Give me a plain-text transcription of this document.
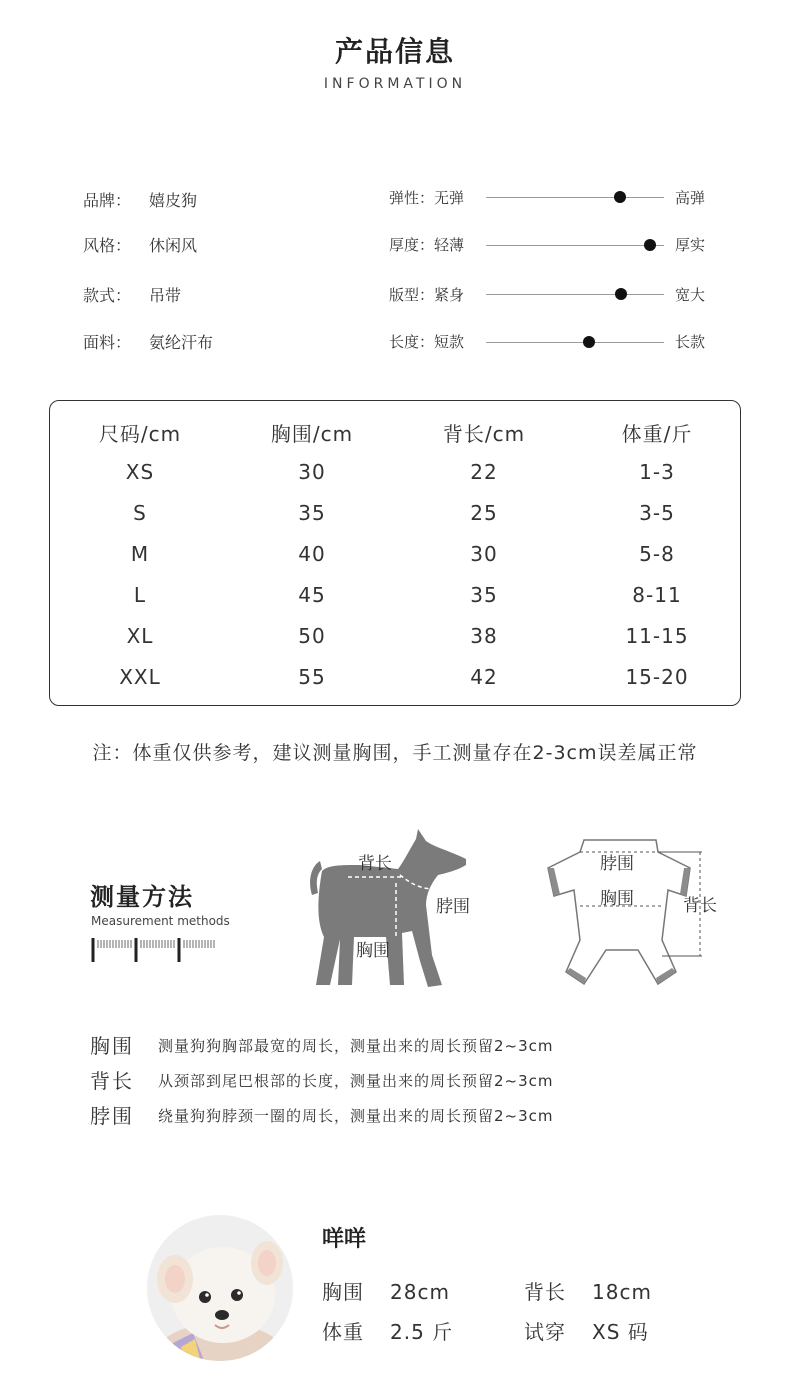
产品信息
INFORMATION
品牌： 嬉皮狗
风格： 休闲风
款式： 吊带
面料： 氨纶汗布
弹性：无弹	高弹
厚度：轻薄	厚实
版型：紧身	宽大
长度：短款	长款
尺码/cm	胸围/cm	背长/cm	体重/斤
XS	30	22	1-3
S	35	25	3-5
M	40	30	5-8
L	45	35	8-11
XL	50	38	11-15
XXL	55	42	15-20
注：体重仅供参考，建议测量胸围，手工测量存在2-3cm误差属正常
测量方法
Measurement methods
背长
脖围
胸围
脖围
胸围	背长
胸围 测量狗狗胸部最宽的周长，测量出来的周长预留2~3cm
背长 从颈部到尾巴根部的长度，测量出来的周长预留2~3cm
脖围 绕量狗狗脖颈一圈的周长，测量出来的周长预留2~3cm
咩咩
胸围 28cm	背长 18cm
体重 2.5 斤	试穿 XS 码
